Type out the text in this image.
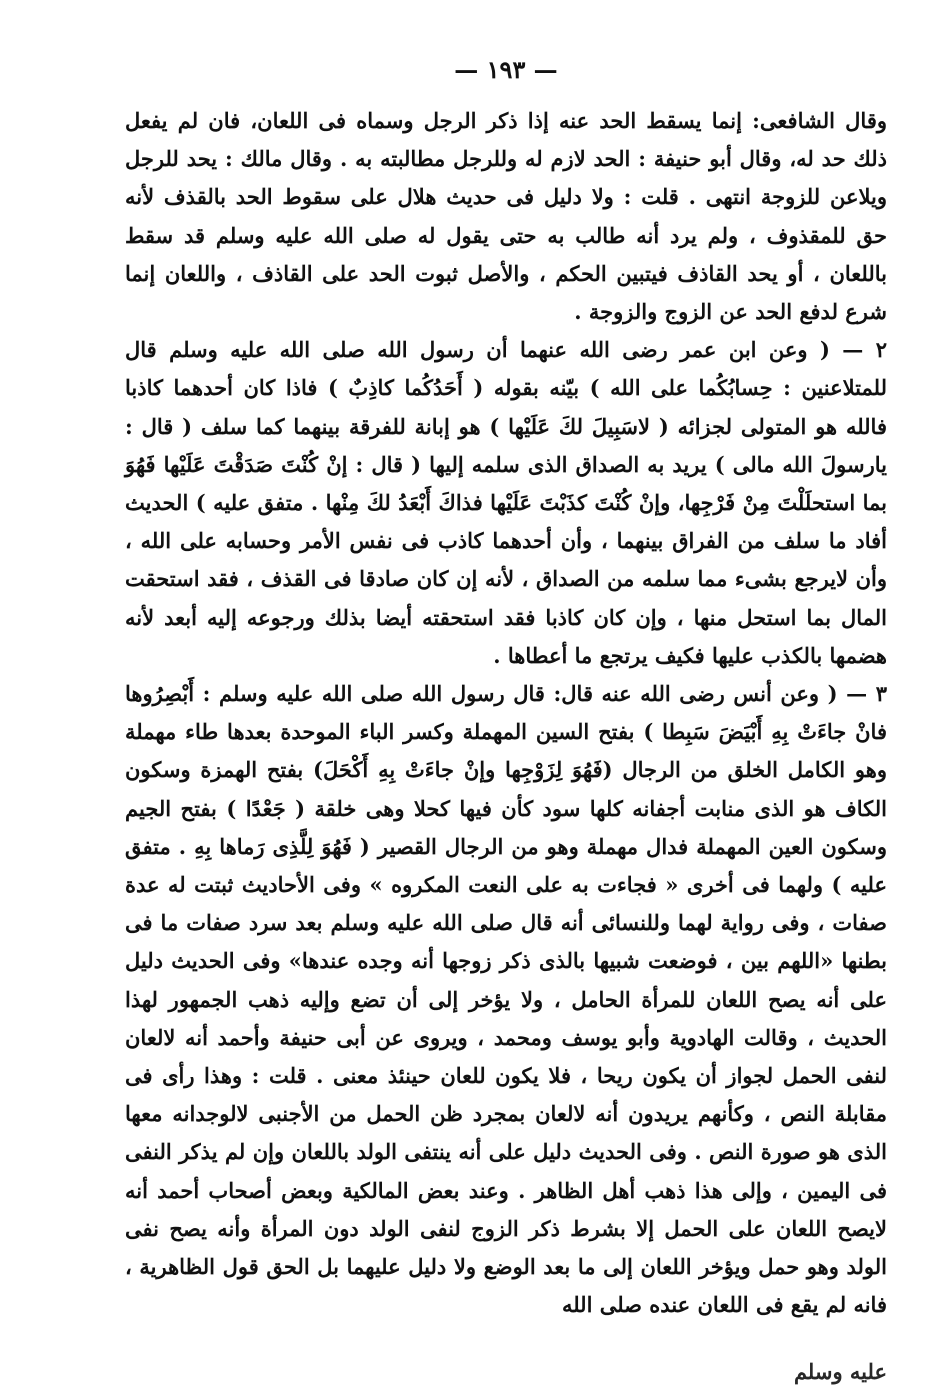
— ١٩٣ —

وقال الشافعى: إنما يسقط الحد عنه إذا ذكر الرجل وسماه فى اللعان، فان لم يفعل ذلك حد له، وقال أبو حنيفة : الحد لازم له وللرجل مطالبته به . وقال مالك : يحد للرجل ويلاعن للزوجة انتهى . قلت : ولا دليل فى حديث هلال على سقوط الحد بالقذف لأنه حق للمقذوف ، ولم يرد أنه طالب به حتى يقول له صلى الله عليه وسلم قد سقط باللعان ، أو يحد القاذف فيتبين الحكم ، والأصل ثبوت الحد على القاذف ، واللعان إنما شرع لدفع الحد عن الزوج والزوجة .

٢ — ( وعن ابن عمر رضى الله عنهما أن رسول الله صلى الله عليه وسلم قال للمتلاعنين : حِسابُكُما على الله ) بيّنه بقوله ( أَحَدُكُما كاذِبٌ ) فاذا كان أحدهما كاذبا فالله هو المتولى لجزائه ( لاسَبِيلَ لكَ عَلَيْها ) هو إبانة للفرقة بينهما كما سلف ( قال : يارسولَ الله مالى ) يريد به الصداق الذى سلمه إليها ( قال : إنْ كُنْتَ صَدَقْتَ عَلَيْها فَهُوَ بما استحلَلْتَ مِنْ فَرْجِها، وإنْ كُنْتَ كذَبْتَ عَلَيْها فذاكَ أَبْعَدُ لكَ مِنْها . متفق عليه ) الحديث أفاد ما سلف من الفراق بينهما ، وأن أحدهما كاذب فى نفس الأمر وحسابه على الله ، وأن لايرجع بشىء مما سلمه من الصداق ، لأنه إن كان صادقا فى القذف ، فقد استحقت المال بما استحل منها ، وإن كان كاذبا فقد استحقته أيضا بذلك ورجوعه إليه أبعد لأنه هضمها بالكذب عليها فكيف يرتجع ما أعطاها .

٣ — ( وعن أنس رضى الله عنه قال: قال رسول الله صلى الله عليه وسلم : أَبْصِرُوها فانْ جاءَتْ بِهِ أَبْيَضَ سَبِطا ) بفتح السين المهملة وكسر الباء الموحدة بعدها طاء مهملة وهو الكامل الخلق من الرجال (فَهُوَ لِزَوْجِها وإنْ جاءَتْ بِهِ أَكْحَلَ) بفتح الهمزة وسكون الكاف هو الذى منابت أجفانه كلها سود كأن فيها كحلا وهى خلقة ( جَعْدًا ) بفتح الجيم وسكون العين المهملة فدال مهملة وهو من الرجال القصير ( فَهُوَ لِلَّذِى رَماها بِهِ . متفق عليه ) ولهما فى أخرى « فجاءت به على النعت المكروه » وفى الأحاديث ثبتت له عدة صفات ، وفى رواية لهما وللنسائى أنه قال صلى الله عليه وسلم بعد سرد صفات ما فى بطنها «اللهم بين ، فوضعت شبيها بالذى ذكر زوجها أنه وجده عندها» وفى الحديث دليل على أنه يصح اللعان للمرأة الحامل ، ولا يؤخر إلى أن تضع وإليه ذهب الجمهور لهذا الحديث ، وقالت الهادوية وأبو يوسف ومحمد ، ويروى عن أبى حنيفة وأحمد أنه لالعان لنفى الحمل لجواز أن يكون ريحا ، فلا يكون للعان حينئذ معنى . قلت : وهذا رأى فى مقابلة النص ، وكأنهم يريدون أنه لالعان بمجرد ظن الحمل من الأجنبى لالوجدانه معها الذى هو صورة النص . وفى الحديث دليل على أنه ينتفى الولد باللعان وإن لم يذكر النفى فى اليمين ، وإلى هذا ذهب أهل الظاهر . وعند بعض المالكية وبعض أصحاب أحمد أنه لايصح اللعان على الحمل إلا بشرط ذكر الزوج لنفى الولد دون المرأة وأنه يصح نفى الولد وهو حمل ويؤخر اللعان إلى ما بعد الوضع ولا دليل عليهما بل الحق قول الظاهرية ، فانه لم يقع فى اللعان عنده صلى الله

عليه وسلم
